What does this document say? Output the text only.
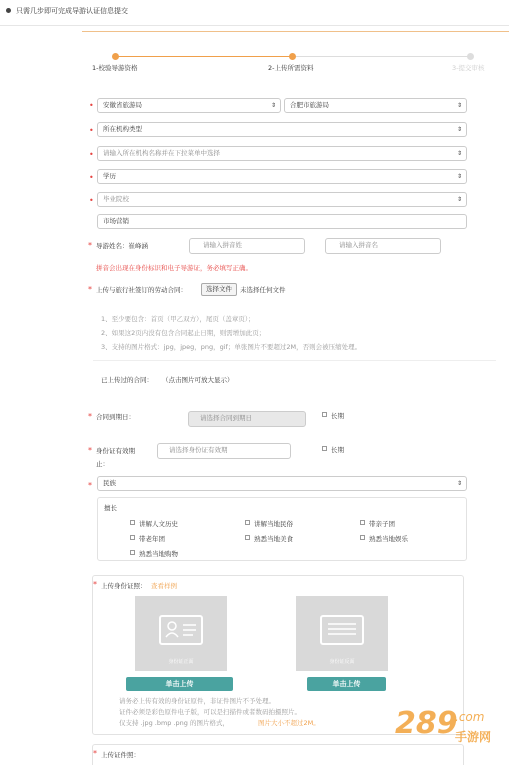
只需几步即可完成导游认证信息提交
1-校验导游资格	2-上传所需资料	3-提交审核
•	安徽省旅游局	⇕	合肥市旅游局	⇕
•	所在机构类型	⇕
•	请输入所在机构名称并在下拉菜单中选择	⇕
•	学历	⇕
•	毕业院校	⇕
市场营销
* 导游姓名：崔峰涵	请输入拼音姓	请输入拼音名
拼音会出现在身份标识和电子导游证，务必填写正确。
* 上传与旅行社签订的劳动合同：	选择文件	未选择任何文件
1、至少要包含：首页（甲乙双方），尾页（盖章页）；
2、如果这2页内没有包含合同起止日期，则需增加此页；
3、支持的图片格式：jpg，jpeg，png，gif；单张图片不要超过2M，否则会被压缩处理。
已上传过的合同： （点击图片可放大显示）
* 合同到期日：	请选择合同到期日	长期
* 身份证有效期
止：
请选择身份证有效期	长期
*	民族	⇕
擅长
讲解人文历史	讲解当地民俗	带亲子团
带老年团	熟悉当地美食	熟悉当地娱乐
熟悉当地购物
* 上传身份证照： 查看样例
身份证正面	身份证反面
单击上传	单击上传
请务必上传有效的身份证原件，非证件图片不予处理。
证件必须是彩色原件电子版，可以是扫描件或者数码拍摄照片。
仅支持 .jpg .bmp .png 的图片格式，	图片大小不超过2M。
* 上传证件照：
289
.com
手游网
